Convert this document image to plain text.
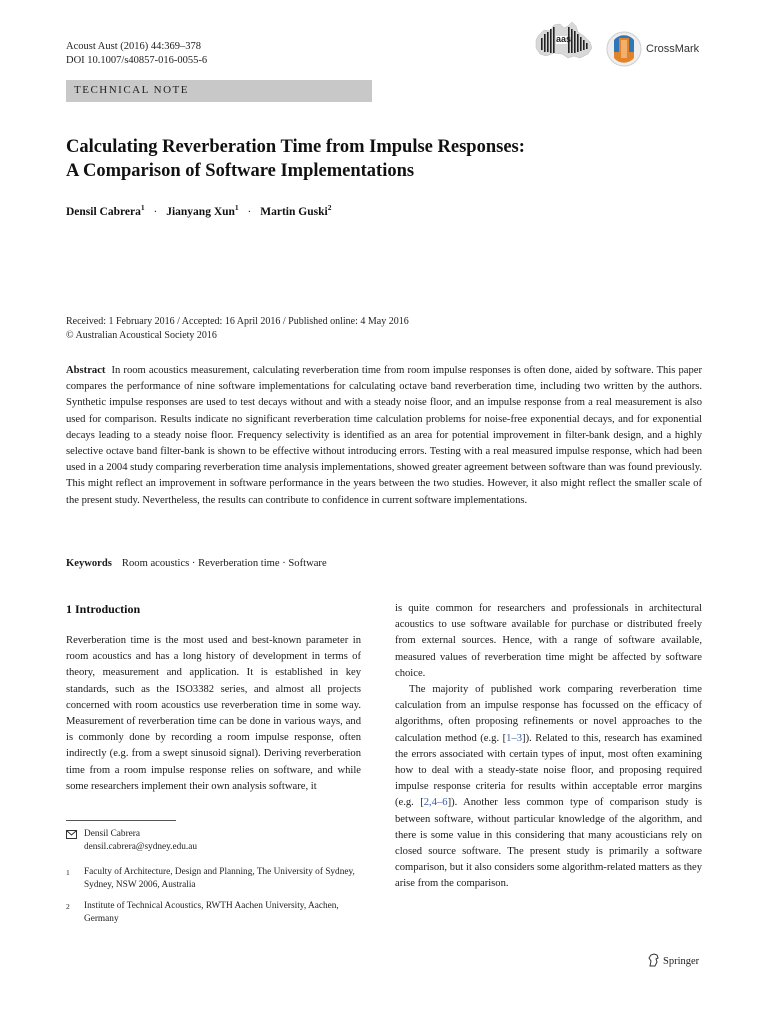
Acoust Aust (2016) 44:369–378
DOI 10.1007/s40857-016-0055-6
aas
CrossMark
TECHNICAL NOTE
Calculating Reverberation Time from Impulse Responses:
A Comparison of Software Implementations
Densil Cabrera$^1$ · Jianyang Xun$^1$ · Martin Guski$^2$
Received: 1 February 2016 / Accepted: 16 April 2016 / Published online: 4 May 2016
© Australian Acoustical Society 2016
Abstract In room acoustics measurement, calculating reverberation time from room impulse responses is often done, aided by software. This paper compares the performance of nine software implementations for calculating octave band reverberation time, including two written by the authors. Synthetic impulse responses are used to test decays without and with a steady noise floor, and an impulse response from a real measurement is also used for comparison. Results indicate no significant reverberation time calculation problems for noise-free exponential decays, and for exponential decays leading to a steady noise floor. Frequency selectivity is identified as an area for potential improvement in filter-bank design, and a highly selective octave band filter-bank is shown to be effective without introducing errors. Testing with a real measured impulse response, which had been used in a 2004 study comparing reverberation time analysis implementations, showed greater agreement between software than was found previously. This might reflect an improvement in software performance in the years between the two studies. However, it also might reflect the smaller scale of the present study. Nevertheless, the results can contribute to confidence in current software implementations.
Keywords Room acoustics · Reverberation time · Software
1 Introduction

Reverberation time is the most used and best-known parameter in room acoustics and has a long history of development in terms of theory, measurement and application. It is established in key standards, such as the ISO3382 series, and almost all projects concerned with room acoustics use reverberation time in some way. Measurement of reverberation time can be done in various ways, and is commonly done by recording a room impulse response, often indirectly (e.g. from a swept sinusoid signal). Deriving reverberation time from a room impulse response relies on software, and while some researchers implement their own analysis software, it

is quite common for researchers and professionals in architectural acoustics to use software available for purchase or distributed freely from external sources. Hence, with a range of software available, measured values of reverberation time might be affected by software choice.

The majority of published work comparing reverberation time calculation from an impulse response has focussed on the efficacy of algorithms, often proposing refinements or novel approaches to the calculation method (e.g. [1–3]). Related to this, research has examined the errors associated with certain types of input, most often examining how to deal with a steady-state noise floor, and proposing required impulse response criteria for results within acceptable error margins (e.g. [2,4–6]). Another less common type of comparison study is between software, without particular knowledge of the algorithm, and there is some value in this considering that many acousticians rely on closed source software. The present study is primarily a software comparison, but it also considers some algorithm-related matters as they arise from the comparison.

Densil Cabrera
densil.cabrera@sydney.edu.au
1 Faculty of Architecture, Design and Planning, The University of Sydney, Sydney, NSW 2006, Australia
2 Institute of Technical Acoustics, RWTH Aachen University, Aachen, Germany
Springer
